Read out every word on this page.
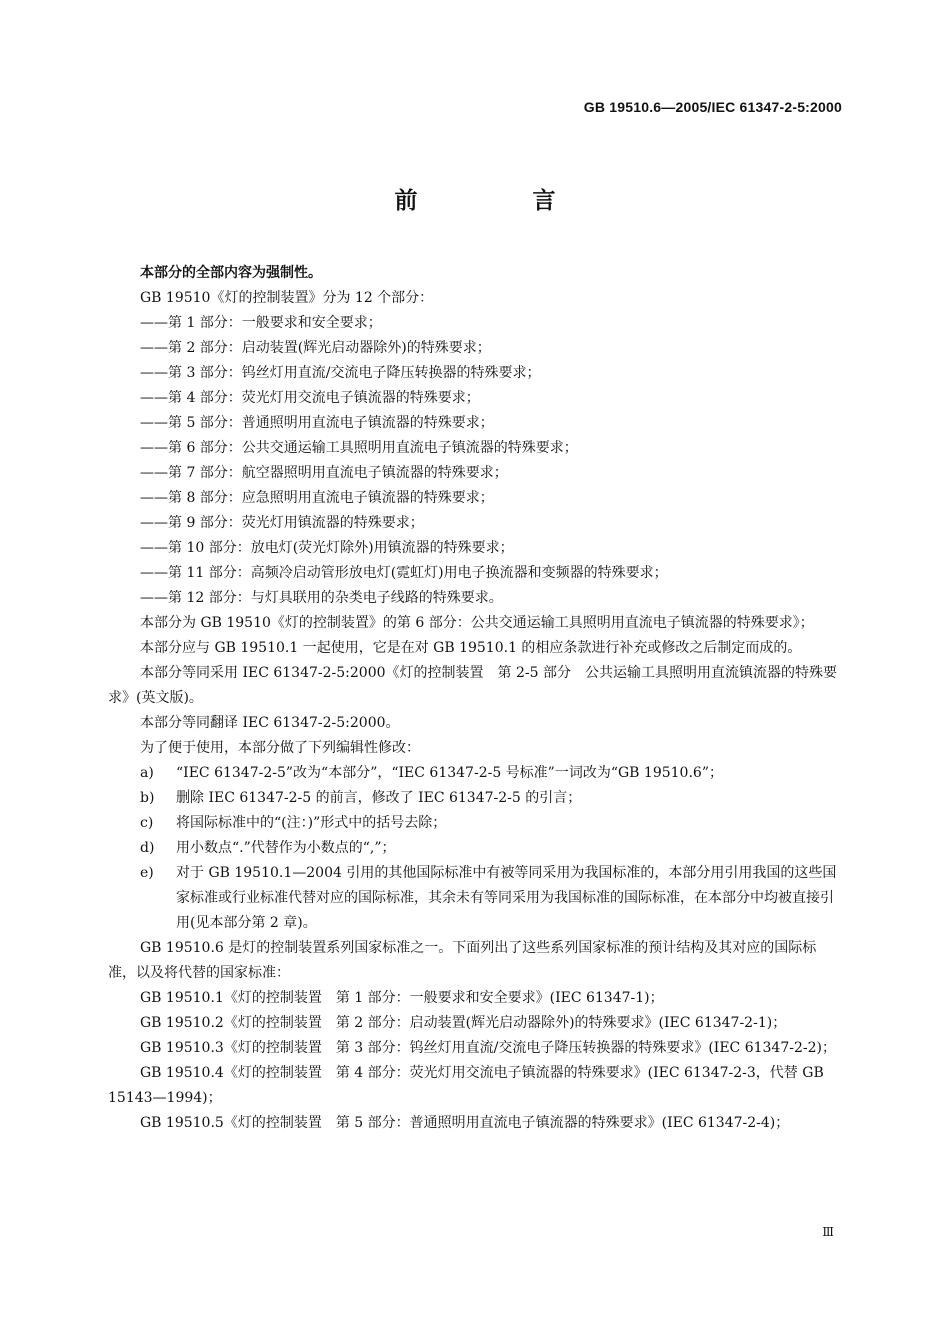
GB 19510.6—2005/IEC 61347-2-5:2000
前　言

本部分的全部内容为强制性。

GB 19510《灯的控制装置》分为 12 个部分：

——第 1 部分：一般要求和安全要求；

——第 2 部分：启动装置(辉光启动器除外)的特殊要求；

——第 3 部分：钨丝灯用直流/交流电子降压转换器的特殊要求；

——第 4 部分：荧光灯用交流电子镇流器的特殊要求；

——第 5 部分：普通照明用直流电子镇流器的特殊要求；

——第 6 部分：公共交通运输工具照明用直流电子镇流器的特殊要求；

——第 7 部分：航空器照明用直流电子镇流器的特殊要求；

——第 8 部分：应急照明用直流电子镇流器的特殊要求；

——第 9 部分：荧光灯用镇流器的特殊要求；

——第 10 部分：放电灯(荧光灯除外)用镇流器的特殊要求；

——第 11 部分：高频冷启动管形放电灯(霓虹灯)用电子换流器和变频器的特殊要求；

——第 12 部分：与灯具联用的杂类电子线路的特殊要求。

本部分为 GB 19510《灯的控制装置》的第 6 部分：公共交通运输工具照明用直流电子镇流器的特殊要求》；

本部分应与 GB 19510.1 一起使用，它是在对 GB 19510.1 的相应条款进行补充或修改之后制定而成的。

本部分等同采用 IEC 61347-2-5:2000《灯的控制装置　第 2-5 部分　公共运输工具照明用直流镇流器的特殊要求》(英文版)。

本部分等同翻译 IEC 61347-2-5:2000。

为了便于使用，本部分做了下列编辑性修改：

a)	“IEC 61347-2-5”改为“本部分”，“IEC 61347-2-5 号标准”一词改为“GB 19510.6”；
b)	删除 IEC 61347-2-5 的前言，修改了 IEC 61347-2-5 的引言；
c)	将国际标准中的“(注：)”形式中的括号去除；
d)	用小数点“.”代替作为小数点的“,”；
e)	对于 GB 19510.1—2004 引用的其他国际标准中有被等同采用为我国标准的，本部分用引用我国的这些国家标准或行业标准代替对应的国际标准，其余未有等同采用为我国标准的国际标准，在本部分中均被直接引用(见本部分第 2 章)。

GB 19510.6 是灯的控制装置系列国家标准之一。下面列出了这些系列国家标准的预计结构及其对应的国际标准，以及将代替的国家标准：

GB 19510.1《灯的控制装置　第 1 部分：一般要求和安全要求》(IEC 61347-1)；

GB 19510.2《灯的控制装置　第 2 部分：启动装置(辉光启动器除外)的特殊要求》(IEC 61347-2-1)；

GB 19510.3《灯的控制装置　第 3 部分：钨丝灯用直流/交流电子降压转换器的特殊要求》(IEC 61347-2-2)；

GB 19510.4《灯的控制装置　第 4 部分：荧光灯用交流电子镇流器的特殊要求》(IEC 61347-2-3，代替 GB 15143—1994)；

GB 19510.5《灯的控制装置　第 5 部分：普通照明用直流电子镇流器的特殊要求》(IEC 61347-2-4)；

Ⅲ
